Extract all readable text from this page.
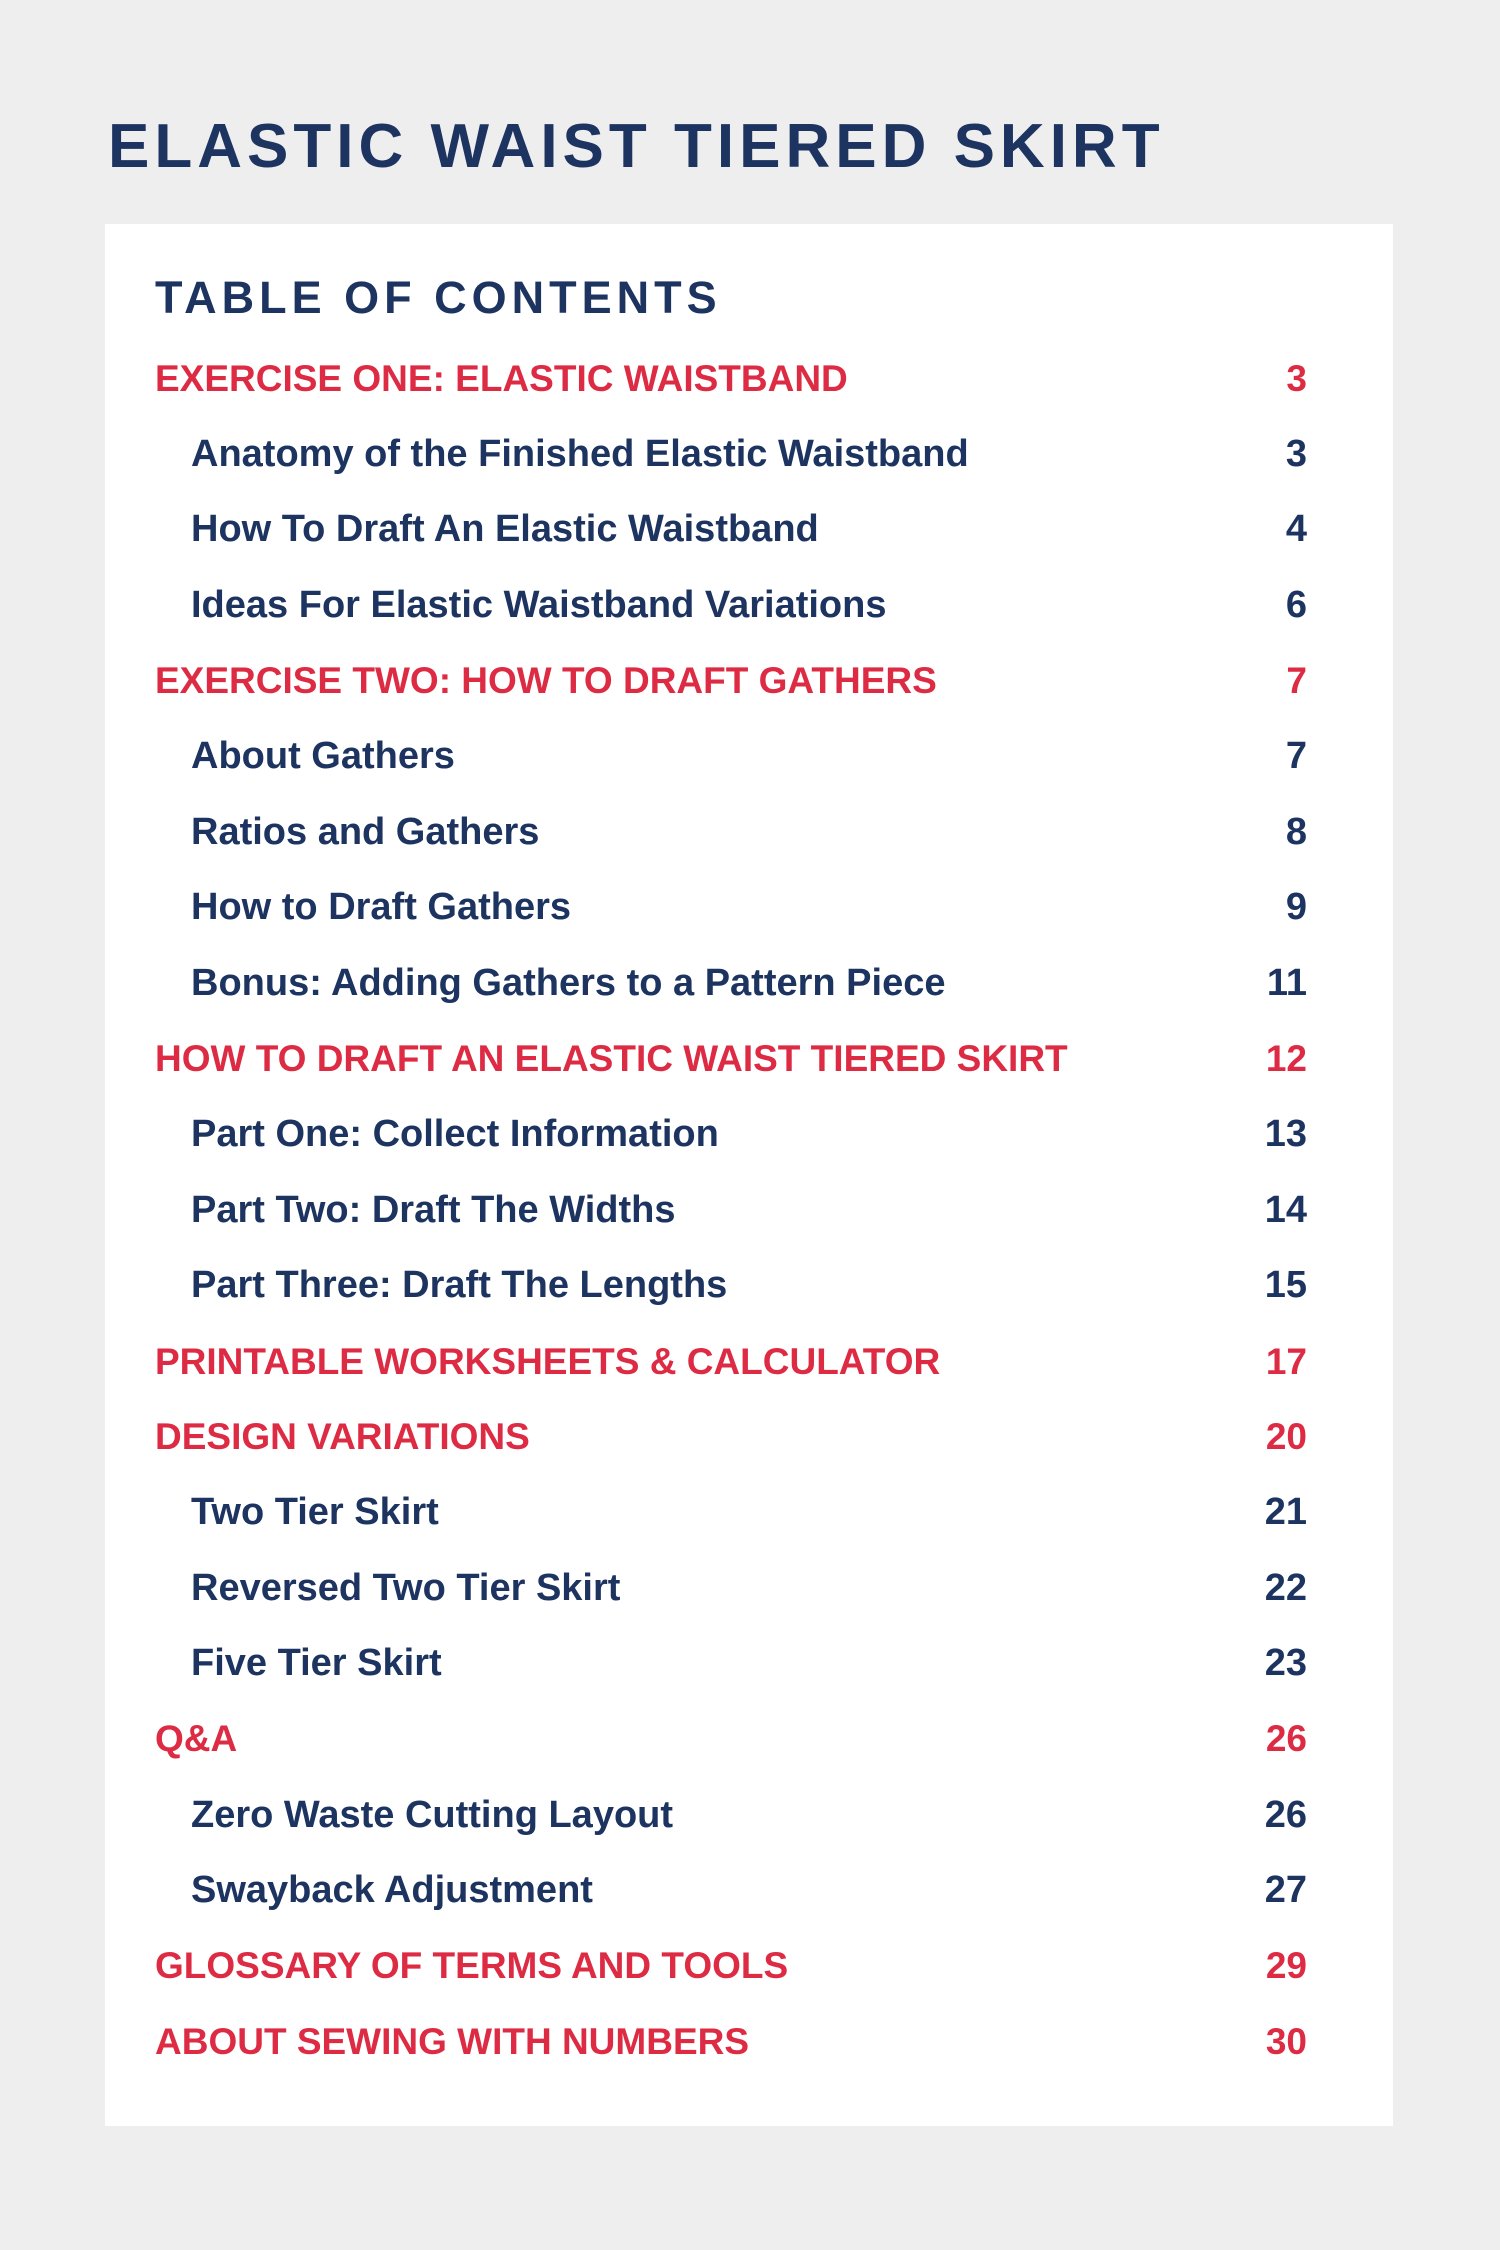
ELASTIC WAIST TIERED SKIRT
TABLE OF CONTENTS
EXERCISE ONE: ELASTIC WAISTBAND	3
Anatomy of the Finished Elastic Waistband	3
How To Draft An Elastic Waistband	4
Ideas For Elastic Waistband Variations	6
EXERCISE TWO: HOW TO DRAFT GATHERS	7
About Gathers	7
Ratios and Gathers	8
How to Draft Gathers	9
Bonus: Adding Gathers to a Pattern Piece	11
HOW TO DRAFT AN ELASTIC WAIST TIERED SKIRT	12
Part One: Collect Information	13
Part Two: Draft The Widths	14
Part Three: Draft The Lengths	15
PRINTABLE WORKSHEETS & CALCULATOR	17
DESIGN VARIATIONS	20
Two Tier Skirt	21
Reversed Two Tier Skirt	22
Five Tier Skirt	23
Q&A	26
Zero Waste Cutting Layout	26
Swayback Adjustment	27
GLOSSARY OF TERMS AND TOOLS	29
ABOUT SEWING WITH NUMBERS	30
